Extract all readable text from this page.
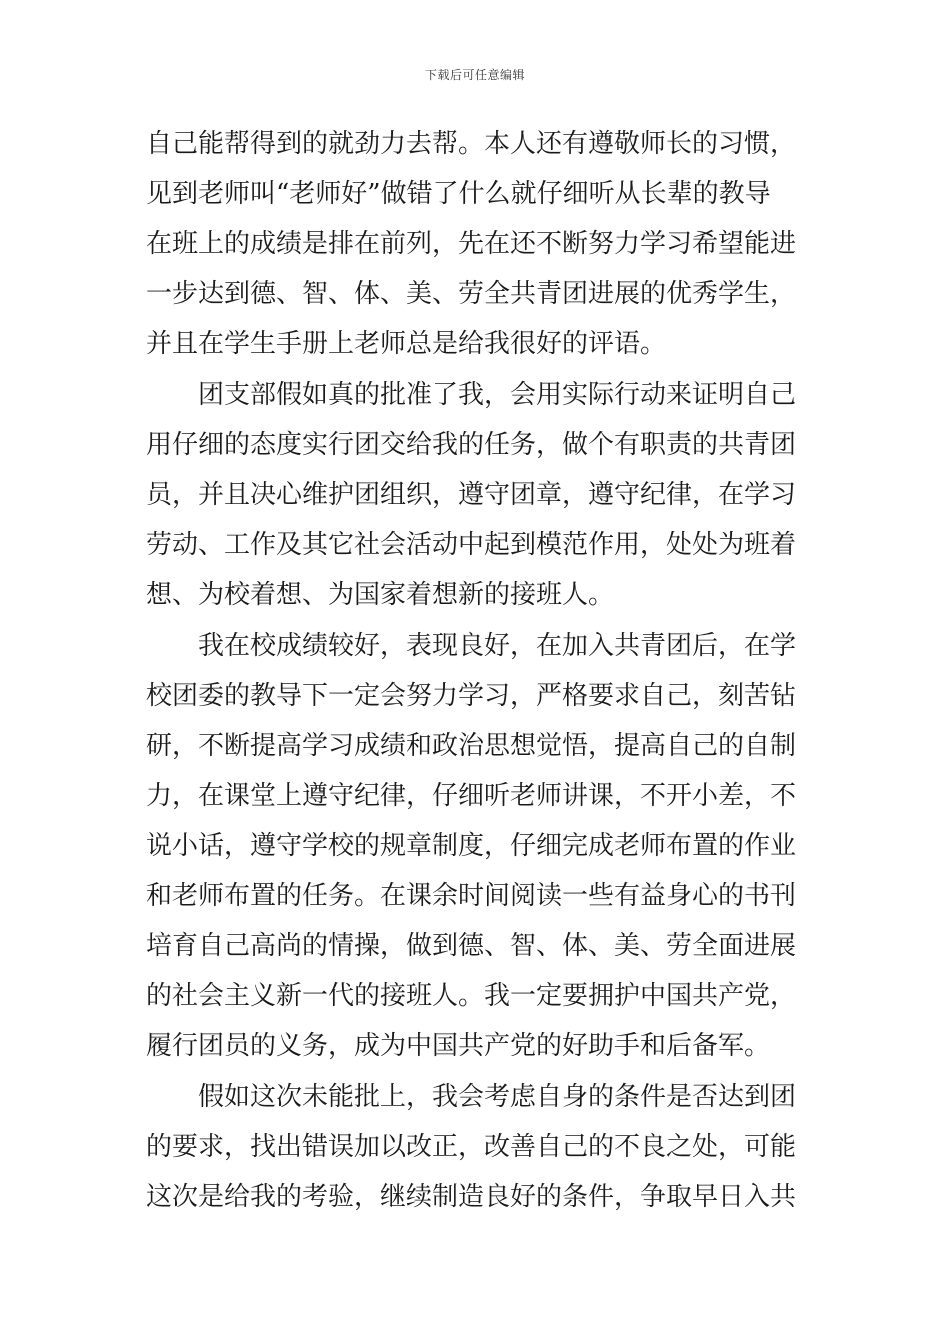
下载后可任意编辑
自己能帮得到的就劲力去帮。本人还有遵敬师长的习惯，
见到老师叫“老师好”做错了什么就仔细听从长辈的教导
在班上的成绩是排在前列，先在还不断努力学习希望能进
一步达到德、智、体、美、劳全共青团进展的优秀学生，
并且在学生手册上老师总是给我很好的评语。
团支部假如真的批准了我，会用实际行动来证明自己
用仔细的态度实行团交给我的任务，做个有职责的共青团
员，并且决心维护团组织，遵守团章，遵守纪律，在学习
劳动、工作及其它社会活动中起到模范作用，处处为班着
想、为校着想、为国家着想新的接班人。
我在校成绩较好，表现良好，在加入共青团后，在学
校团委的教导下一定会努力学习，严格要求自己，刻苦钻
研，不断提高学习成绩和政治思想觉悟，提高自己的自制
力，在课堂上遵守纪律，仔细听老师讲课，不开小差，不
说小话，遵守学校的规章制度，仔细完成老师布置的作业
和老师布置的任务。在课余时间阅读一些有益身心的书刊
培育自己高尚的情操，做到德、智、体、美、劳全面进展
的社会主义新一代的接班人。我一定要拥护中国共产党，
履行团员的义务，成为中国共产党的好助手和后备军。
假如这次未能批上，我会考虑自身的条件是否达到团
的要求，找出错误加以改正，改善自己的不良之处，可能
这次是给我的考验，继续制造良好的条件，争取早日入共
